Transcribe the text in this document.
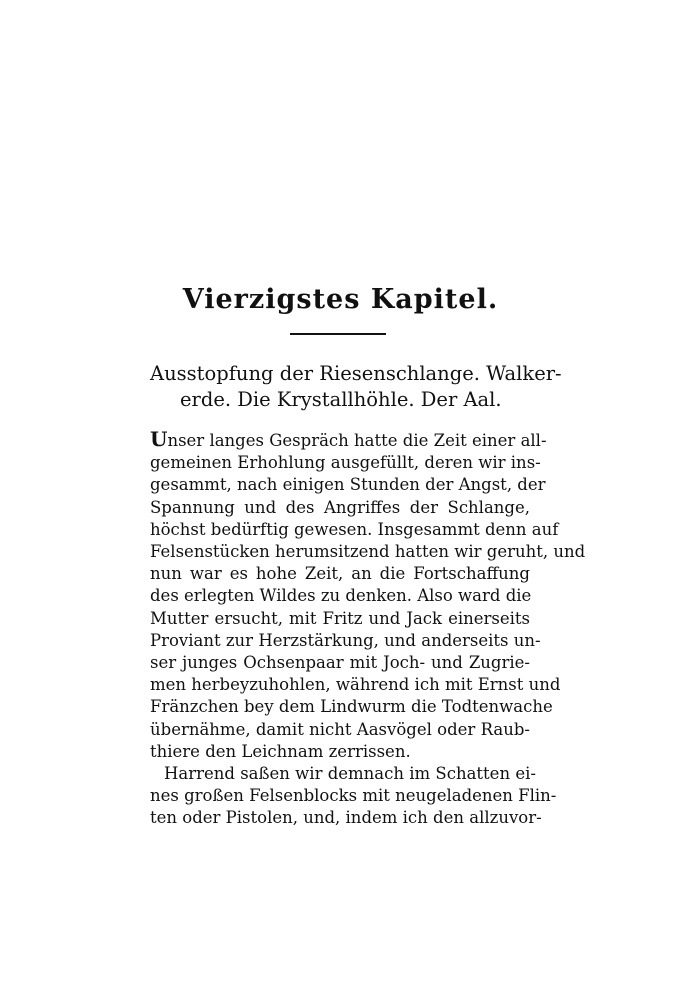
Vierzigstes Kapitel.

Ausstopfung der Riesenschlange. Walker-
erde. Die Krystallhöhle. Der Aal.

Unser langes Gespräch hatte die Zeit einer all-
gemeinen Erhohlung ausgefüllt, deren wir ins-
gesammt, nach einigen Stunden der Angst, der
Spannung und des Angriffes der Schlange,
höchst bedürftig gewesen. Insgesammt denn auf
Felsenstücken herumsitzend hatten wir geruht, und
nun war es hohe Zeit, an die Fortschaffung
des erlegten Wildes zu denken. Also ward die
Mutter ersucht, mit Fritz und Jack einerseits
Proviant zur Herzstärkung, und anderseits un-
ser junges Ochsenpaar mit Joch- und Zugrie-
men herbeyzuhohlen, während ich mit Ernst und
Fränzchen bey dem Lindwurm die Todtenwache
übernähme, damit nicht Aasvögel oder Raub-
thiere den Leichnam zerrissen.
Harrend saßen wir demnach im Schatten ei-
nes großen Felsenblocks mit neugeladenen Flin-
ten oder Pistolen, und, indem ich den allzuvor-
